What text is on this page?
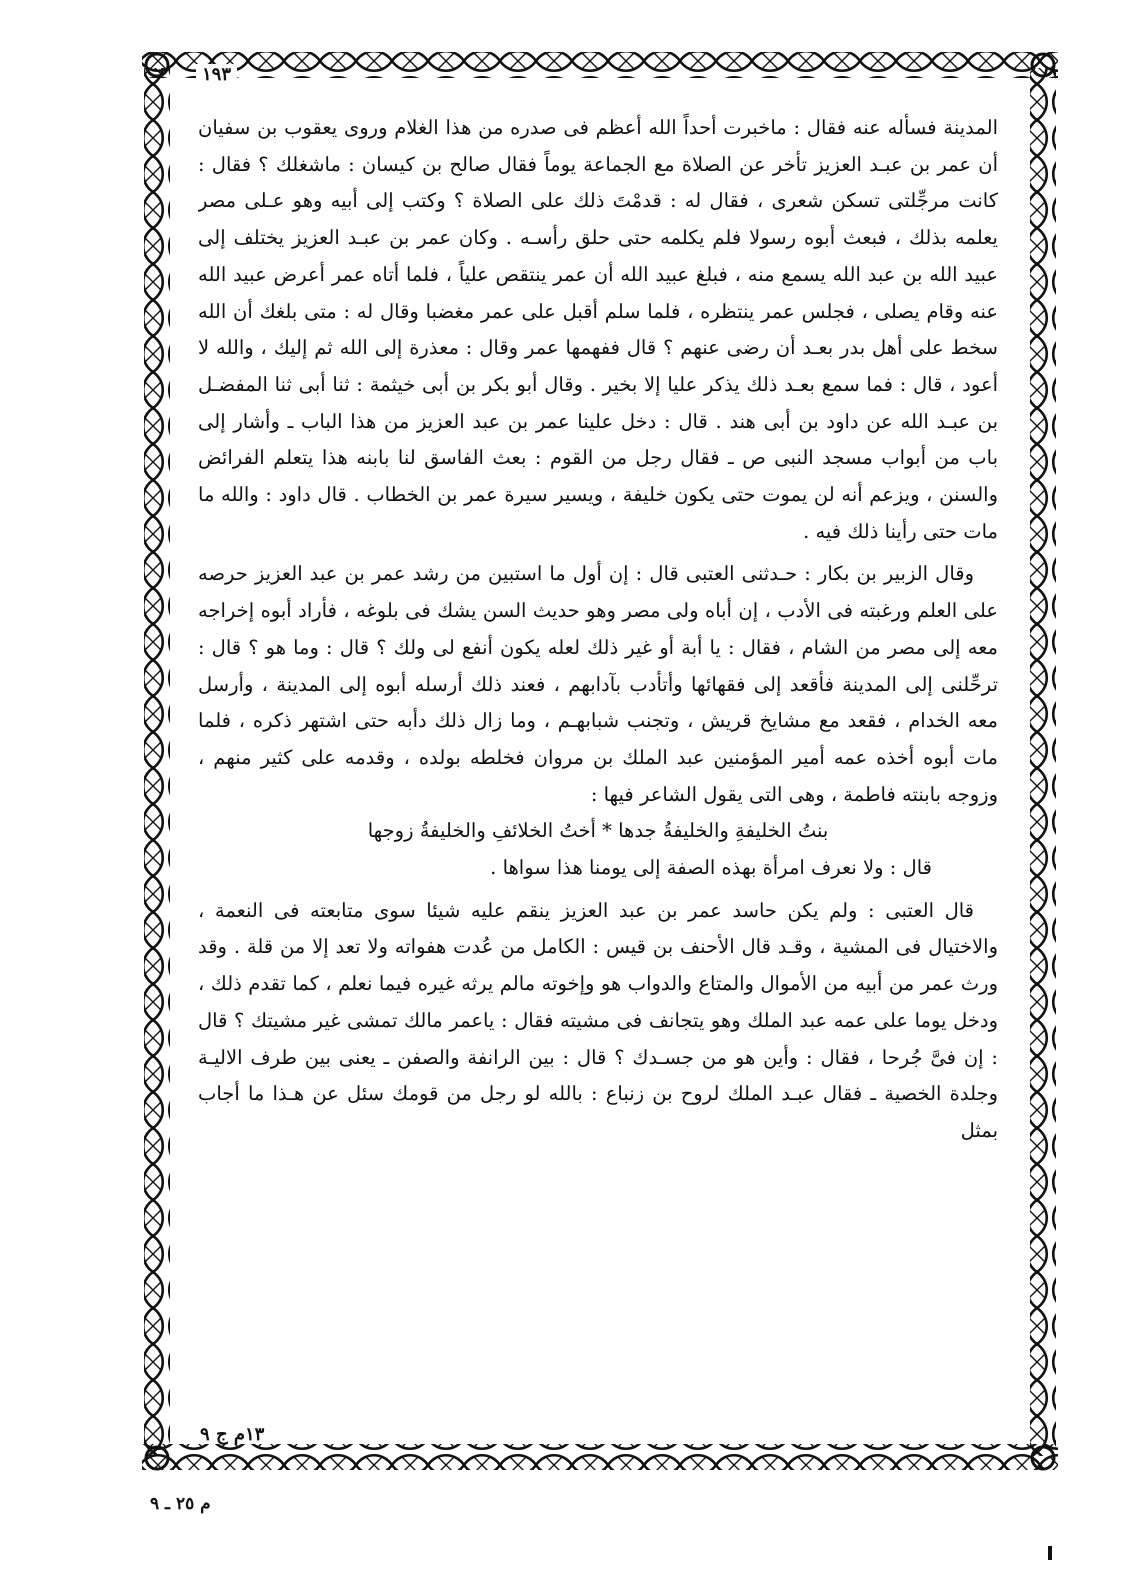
١٩٣

المدينة فسأله عنه فقال : ماخبرت أحداً الله أعظم فى صدره من هذا الغلام وروى يعقوب بن سفيان أن عمر بن عبـد العزيز تأخر عن الصلاة مع الجماعة يوماً فقال صالح بن كيسان : ماشغلك ؟ فقال : كانت مرجِّلتى تسكن شعرى ، فقال له : قدمْتَ ذلك على الصلاة ؟ وكتب إلى أبيه وهو عـلى مصر يعلمه بذلك ، فبعث أبوه رسولا فلم يكلمه حتى حلق رأسـه . وكان عمر بن عبـد العزيز يختلف إلى عبيد الله بن عبد الله يسمع منه ، فبلغ عبيد الله أن عمر ينتقص علياً ، فلما أتاه عمر أعرض عبيد الله عنه وقام يصلى ، فجلس عمر ينتظره ، فلما سلم أقبل على عمر مغضبا وقال له : متى بلغك أن الله سخط على أهل بدر بعـد أن رضى عنهم ؟ قال ففهمها عمر وقال : معذرة إلى الله ثم إليك ، والله لا أعود ، قال : فما سمع بعـد ذلك يذكر عليا إلا بخير . وقال أبو بكر بن أبى خيثمة : ثنا أبى ثنا المفضـل بن عبـد الله عن داود بن أبى هند . قال : دخل علينا عمر بن عبد العزيز من هذا الباب ـ وأشار إلى باب من أبواب مسجد النبى ص ـ فقال رجل من القوم : بعث الفاسق لنا بابنه هذا يتعلم الفرائض والسنن ، ويزعم أنه لن يموت حتى يكون خليفة ، ويسير سيرة عمر بن الخطاب . قال داود : والله ما مات حتى رأينا ذلك فيه .

وقال الزبير بن بكار : حـدثنى العتبى قال : إن أول ما استبين من رشد عمر بن عبد العزيز حرصه على العلم ورغبته فى الأدب ، إن أباه ولى مصر وهو حديث السن يشك فى بلوغه ، فأراد أبوه إخراجه معه إلى مصر من الشام ، فقال : يا أبة أو غير ذلك لعله يكون أنفع لى ولك ؟ قال : وما هو ؟ قال : ترحِّلنى إلى المدينة فأقعد إلى فقهائها وأتأدب بآدابهم ، فعند ذلك أرسله أبوه إلى المدينة ، وأرسل معه الخدام ، فقعد مع مشايخ قريش ، وتجنب شبابهـم ، وما زال ذلك دأبه حتى اشتهر ذكره ، فلما مات أبوه أخذه عمه أمير المؤمنين عبد الملك بن مروان فخلطه بولده ، وقدمه على كثير منهم ، وزوجه بابنته فاطمة ، وهى التى يقول الشاعر فيها :

بنتُ الخليفةِ والخليفةُ جدها * أختُ الخلائفِ والخليفةُ زوجها

قال : ولا نعرف امرأة بهذه الصفة إلى يومنا هذا سواها .

قال العتبى : ولم يكن حاسد عمر بن عبد العزيز ينقم عليه شيئا سوى متابعته فى النعمة ، والاختيال فى المشية ، وقـد قال الأحنف بن قيس : الكامل من عُدت هفواته ولا تعد إلا من قلة . وقد ورث عمر من أبيه من الأموال والمتاع والدواب هو وإخوته مالم يرثه غيره فيما نعلم ، كما تقدم ذلك ، ودخل يوما على عمه عبد الملك وهو يتجانف فى مشيته فقال : ياعمر مالك تمشى غير مشيتك ؟ قال : إن فىَّ جُرحا ، فقال : وأين هو من جسـدك ؟ قال : بين الرانفة والصفن ـ يعنى بين طرف الاليـة وجلدة الخصية ـ فقال عبـد الملك لروح بن زنباع : بالله لو رجل من قومك سئل عن هـذا ما أجاب بمثل

١٣م ج ٩
م ٢٥ ـ ٩
